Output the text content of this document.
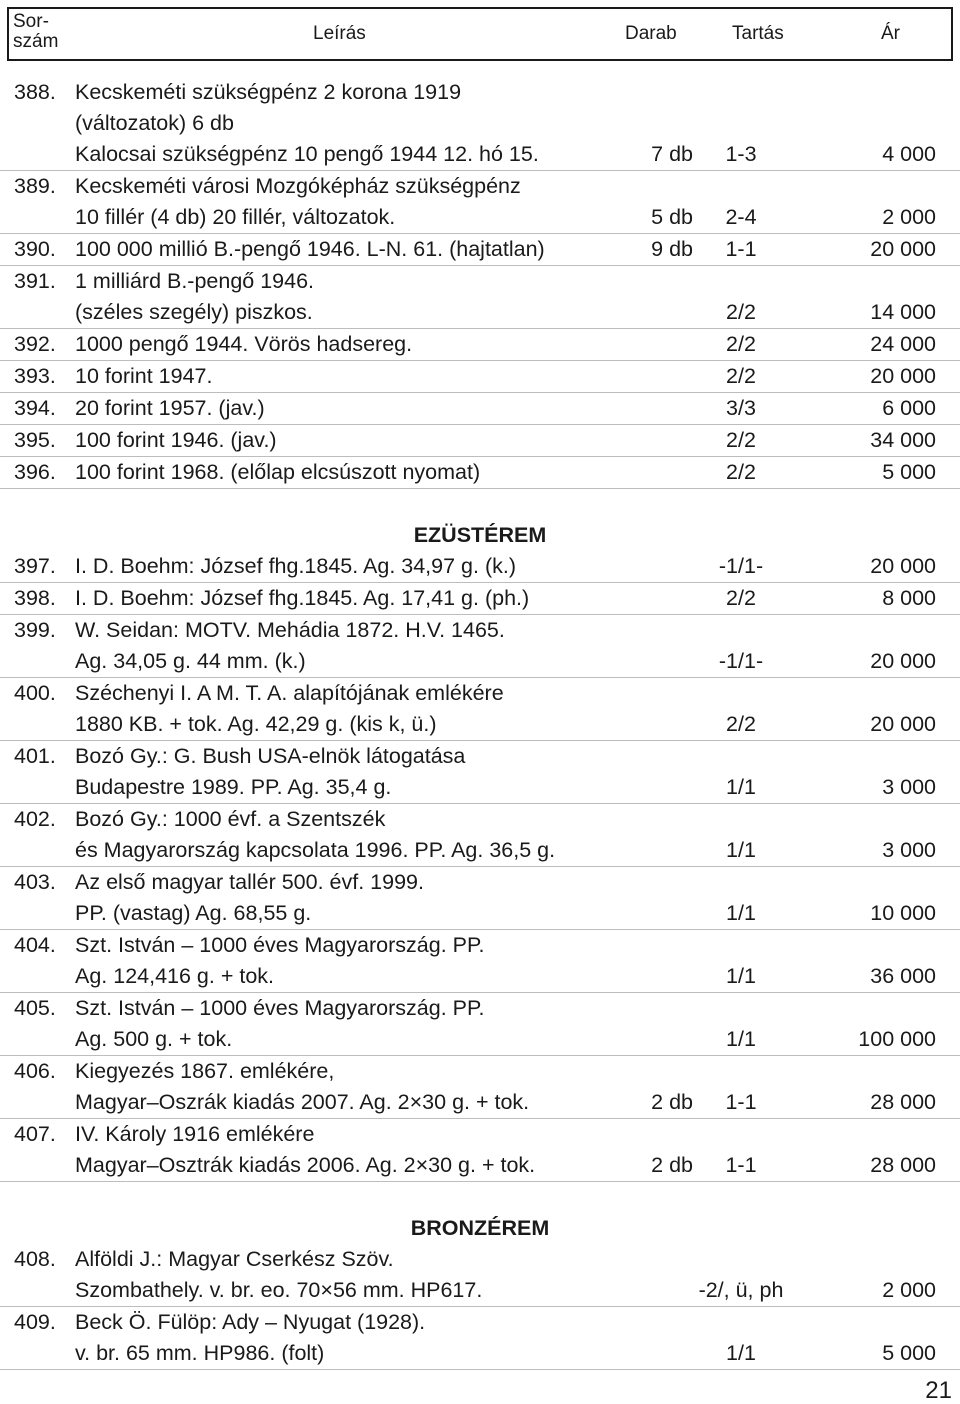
Sor-
szám	Leírás	Darab	Tartás	Ár
388. Kecskeméti szükségpénz 2 korona 1919
(változatok) 6 db
Kalocsai szükségpénz 10 pengő 1944 12. hó 15.	7 db	1-3	4 000
389. Kecskeméti városi Mozgóképház szükségpénz
10 fillér (4 db) 20 fillér, változatok.	5 db	2-4	2 000
390. 100 000 millió B.-pengő 1946. L-N. 61. (hajtatlan)	9 db	1-1	20 000
391. 1 milliárd B.-pengő 1946.
(széles szegély) piszkos.	2/2	14 000
392. 1000 pengő 1944. Vörös hadsereg.	2/2	24 000
393. 10 forint 1947.	2/2	20 000
394. 20 forint 1957. (jav.)	3/3	6 000
395. 100 forint 1946. (jav.)	2/2	34 000
396. 100 forint 1968. (előlap elcsúszott nyomat)	2/2	5 000
EZÜSTÉREM
397. I. D. Boehm: József fhg.1845. Ag. 34,97 g. (k.)	-1/1-	20 000
398. I. D. Boehm: József fhg.1845. Ag. 17,41 g. (ph.)	2/2	8 000
399. W. Seidan: MOTV. Mehádia 1872. H.V. 1465.
Ag. 34,05 g. 44 mm. (k.)	-1/1-	20 000
400. Széchenyi I. A M. T. A. alapítójának emlékére
1880 KB. + tok. Ag. 42,29 g. (kis k, ü.)	2/2	20 000
401. Bozó Gy.: G. Bush USA-elnök látogatása
Budapestre 1989. PP. Ag. 35,4 g.	1/1	3 000
402. Bozó Gy.: 1000 évf. a Szentszék
és Magyarország kapcsolata 1996. PP. Ag. 36,5 g.	1/1	3 000
403. Az első magyar tallér 500. évf. 1999.
PP. (vastag) Ag. 68,55 g.	1/1	10 000
404. Szt. István – 1000 éves Magyarország. PP.
Ag. 124,416 g. + tok.	1/1	36 000
405. Szt. István – 1000 éves Magyarország. PP.
Ag. 500 g. + tok.	1/1	100 000
406. Kiegyezés 1867. emlékére,
Magyar–Oszrák kiadás 2007. Ag. 2×30 g. + tok.	2 db	1-1	28 000
407. IV. Károly 1916 emlékére
Magyar–Osztrák kiadás 2006. Ag. 2×30 g. + tok.	2 db	1-1	28 000
BRONZÉREM
408. Alföldi J.: Magyar Cserkész Szöv.
Szombathely. v. br. eo. 70×56 mm. HP617.	-2/, ü, ph	2 000
409. Beck Ö. Fülöp: Ady – Nyugat (1928).
v. br. 65 mm. HP986. (folt)	1/1	5 000
21
